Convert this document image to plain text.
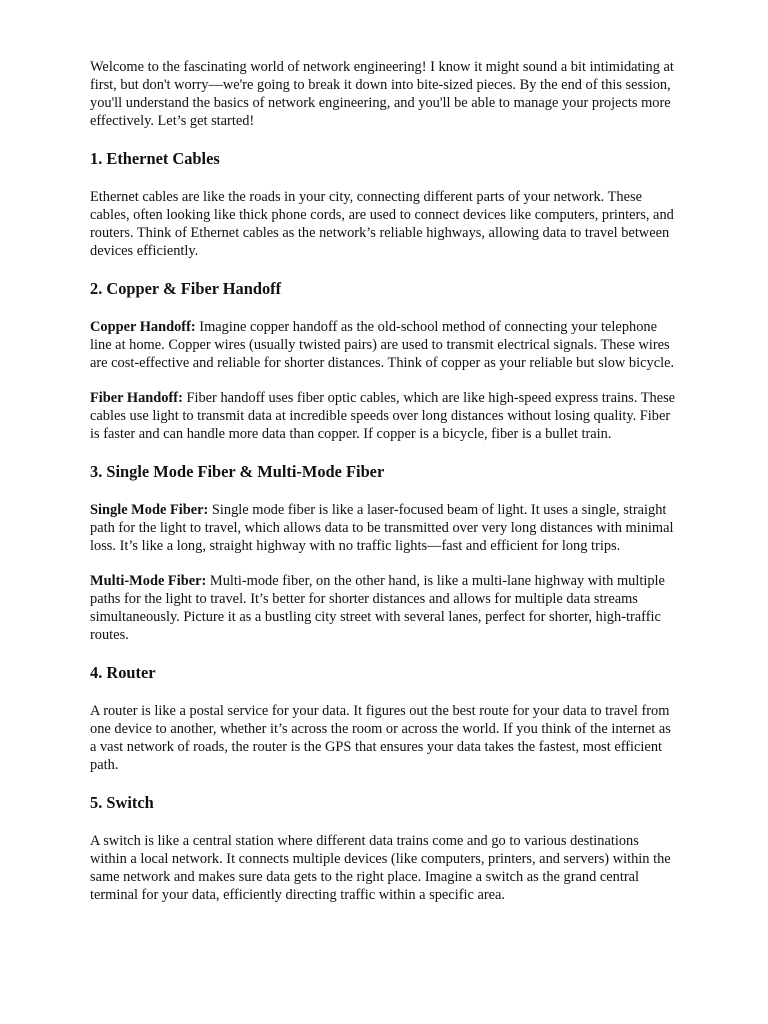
Welcome to the fascinating world of network engineering! I know it might sound a bit intimidating at first, but don't worry—we're going to break it down into bite-sized pieces. By the end of this session, you'll understand the basics of network engineering, and you'll be able to manage your projects more effectively. Let’s get started!

1. Ethernet Cables

Ethernet cables are like the roads in your city, connecting different parts of your network. These cables, often looking like thick phone cords, are used to connect devices like computers, printers, and routers. Think of Ethernet cables as the network’s reliable highways, allowing data to travel between devices efficiently.

2. Copper & Fiber Handoff

Copper Handoff: Imagine copper handoff as the old-school method of connecting your telephone line at home. Copper wires (usually twisted pairs) are used to transmit electrical signals. These wires are cost-effective and reliable for shorter distances. Think of copper as your reliable but slow bicycle.

Fiber Handoff: Fiber handoff uses fiber optic cables, which are like high-speed express trains. These cables use light to transmit data at incredible speeds over long distances without losing quality. Fiber is faster and can handle more data than copper. If copper is a bicycle, fiber is a bullet train.

3. Single Mode Fiber & Multi-Mode Fiber

Single Mode Fiber: Single mode fiber is like a laser-focused beam of light. It uses a single, straight path for the light to travel, which allows data to be transmitted over very long distances with minimal loss. It’s like a long, straight highway with no traffic lights—fast and efficient for long trips.

Multi-Mode Fiber: Multi-mode fiber, on the other hand, is like a multi-lane highway with multiple paths for the light to travel. It’s better for shorter distances and allows for multiple data streams simultaneously. Picture it as a bustling city street with several lanes, perfect for shorter, high-traffic routes.

4. Router

A router is like a postal service for your data. It figures out the best route for your data to travel from one device to another, whether it’s across the room or across the world. If you think of the internet as a vast network of roads, the router is the GPS that ensures your data takes the fastest, most efficient path.

5. Switch

A switch is like a central station where different data trains come and go to various destinations within a local network. It connects multiple devices (like computers, printers, and servers) within the same network and makes sure data gets to the right place. Imagine a switch as the grand central terminal for your data, efficiently directing traffic within a specific area.
